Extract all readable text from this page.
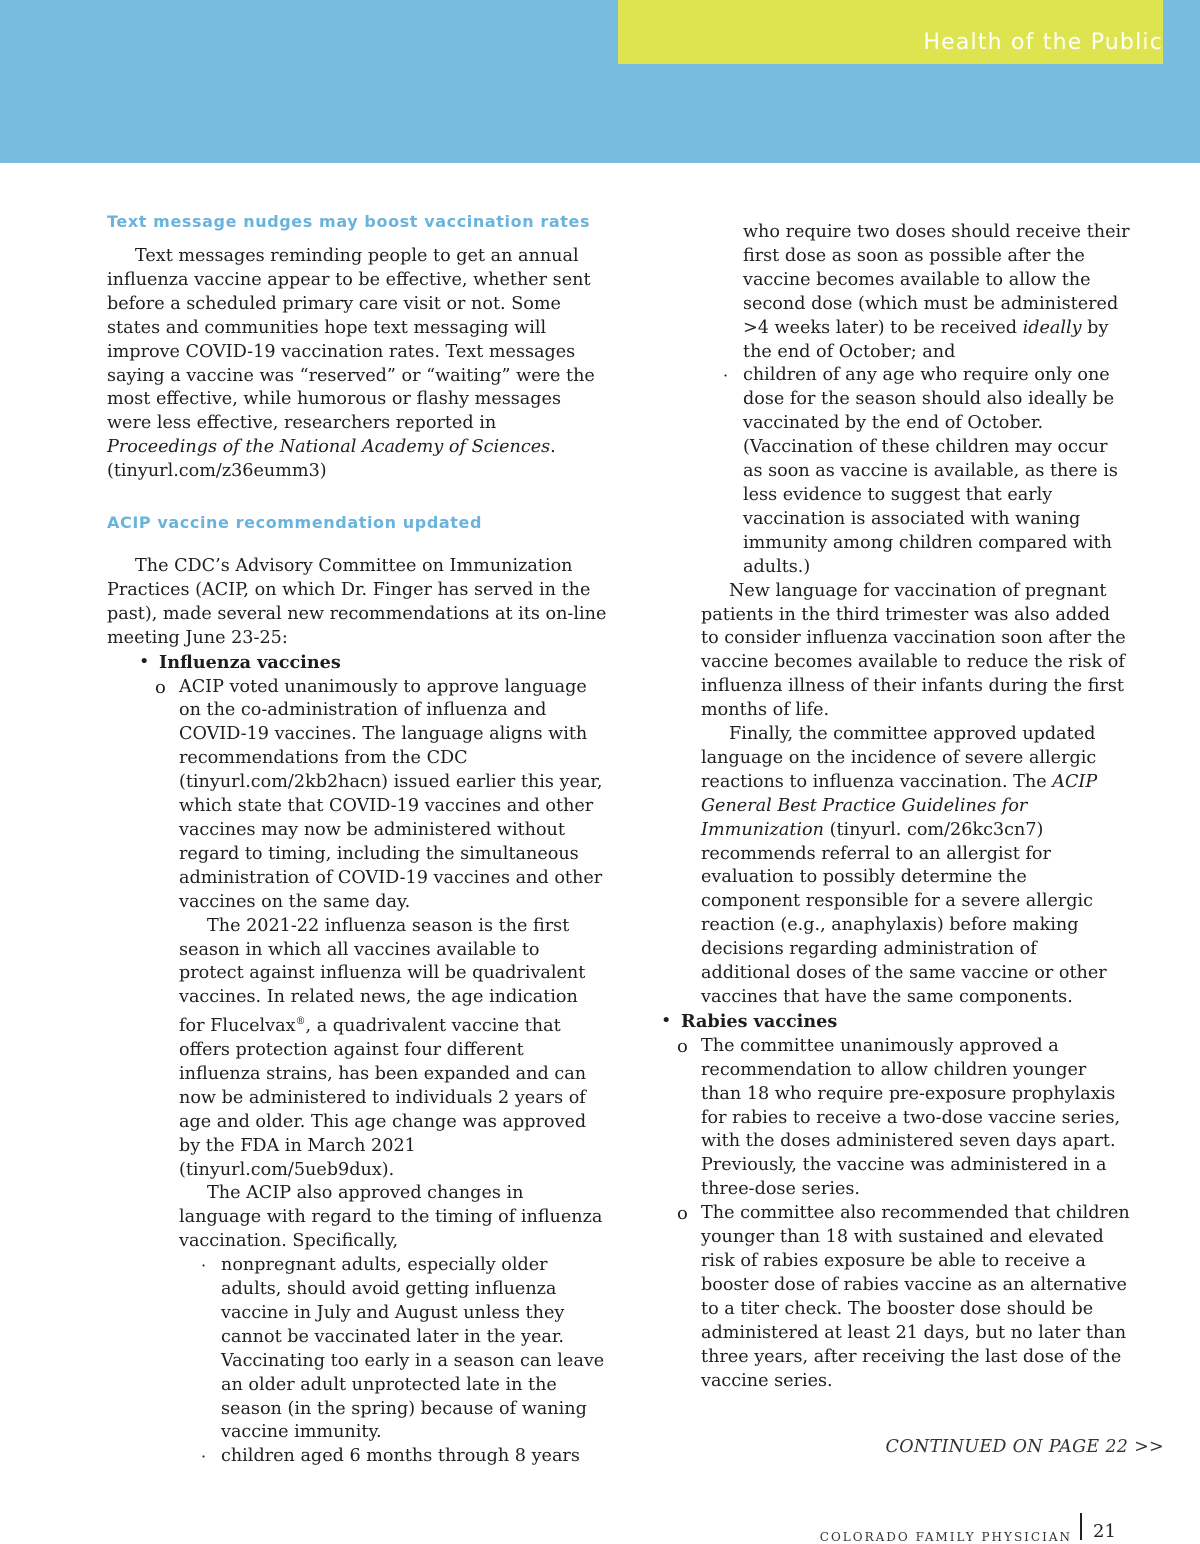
Health of the Public
Text message nudges may boost vaccination rates

Text messages reminding people to get an annual influenza vaccine appear to be effective, whether sent before a scheduled primary care visit or not. Some states and communities hope text messaging will improve COVID-19 vaccination rates. Text messages saying a vaccine was “reserved” or “waiting” were the most effective, while humorous or flashy messages were less effective, researchers reported in Proceedings of the National Academy of Sciences. (tinyurl.com/z36eumm3)

ACIP vaccine recommendation updated

The CDC’s Advisory Committee on Immunization Practices (ACIP, on which Dr. Finger has served in the past), made several new recommendations at its on-line meeting June 23-25:

• Influenza vaccines
o ACIP voted unanimously to approve language on the co-administration of influenza and COVID-19 vaccines. The language aligns with recommendations from the CDC (tinyurl.com/2kb2hacn) issued earlier this year, which state that COVID-19 vaccines and other vaccines may now be administered without regard to timing, including the simultaneous administration of COVID-19 vaccines and other vaccines on the same day.

The 2021-22 influenza season is the first season in which all vaccines available to protect against influenza will be quadrivalent vaccines. In related news, the age indication for Flucelvax®, a quadrivalent vaccine that offers protection against four different influenza strains, has been expanded and can now be administered to individuals 2 years of age and older. This age change was approved by the FDA in March 2021 (tinyurl.com/5ueb9dux).

The ACIP also approved changes in language with regard to the timing of influenza vaccination. Specifically,

· nonpregnant adults, especially older adults, should avoid getting influenza vaccine in July and August unless they cannot be vaccinated later in the year. Vaccinating too early in a season can leave an older adult unprotected late in the season (in the spring) because of waning vaccine immunity.

· children aged 6 months through 8 years

who require two doses should receive their first dose as soon as possible after the vaccine becomes available to allow the second dose (which must be administered >4 weeks later) to be received ideally by the end of October; and

· children of any age who require only one dose for the season should also ideally be vaccinated by the end of October. (Vaccination of these children may occur as soon as vaccine is available, as there is less evidence to suggest that early vaccination is associated with waning immunity among children compared with adults.)

New language for vaccination of pregnant patients in the third trimester was also added to consider influenza vaccination soon after the vaccine becomes available to reduce the risk of influenza illness of their infants during the first months of life.

Finally, the committee approved updated language on the incidence of severe allergic reactions to influenza vaccination. The ACIP General Best Practice Guidelines for Immunization (tinyurl. com/26kc3cn7) recommends referral to an allergist for evaluation to possibly determine the component responsible for a severe allergic reaction (e.g., anaphylaxis) before making decisions regarding administration of additional doses of the same vaccine or other vaccines that have the same components.

• Rabies vaccines
o The committee unanimously approved a recommendation to allow children younger than 18 who require pre-exposure prophylaxis for rabies to receive a two-dose vaccine series, with the doses administered seven days apart. Previously, the vaccine was administered in a three-dose series.

o The committee also recommended that children younger than 18 with sustained and elevated risk of rabies exposure be able to receive a booster dose of rabies vaccine as an alternative to a titer check. The booster dose should be administered at least 21 days, but no later than three years, after receiving the last dose of the vaccine series.

CONTINUED ON PAGE 22 >>
COLORADO FAMILY PHYSICIAN 21
